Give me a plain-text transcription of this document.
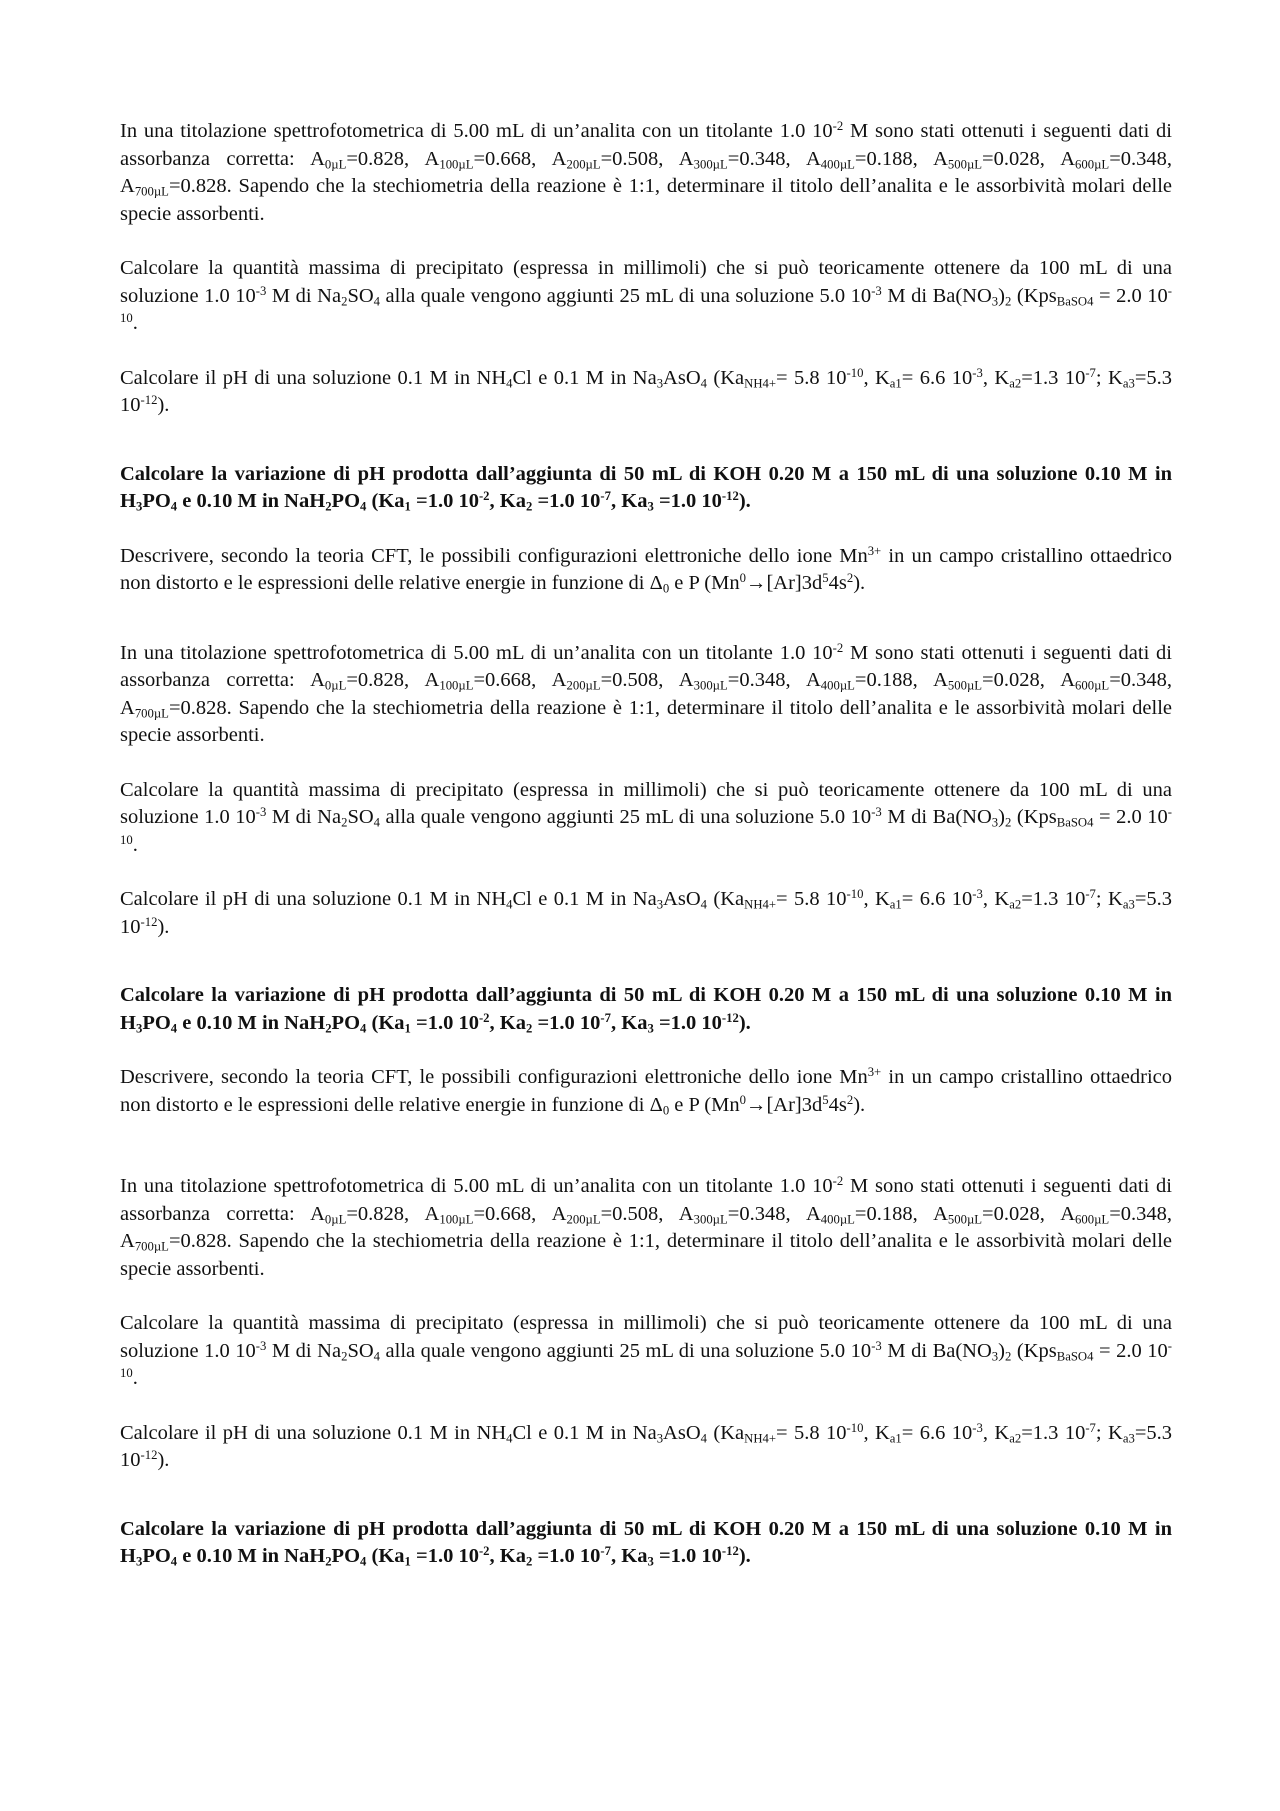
In una titolazione spettrofotometrica di 5.00 mL di un’analita con un titolante 1.0 $10^{-2}$ M sono stati ottenuti i seguenti dati di assorbanza corretta: $A_{0\mu L}=0.828$, $A_{100\mu L}=0.668$, $A_{200\mu L}=0.508$, $A_{300\mu L}=0.348$, $A_{400\mu L}=0.188$, $A_{500\mu L}=0.028$, $A_{600\mu L}=0.348$, $A_{700\mu L}=0.828$. Sapendo che la stechiometria della reazione è 1:1, determinare il titolo dell’analita e le assorbività molari delle specie assorbenti.

Calcolare la quantità massima di precipitato (espressa in millimoli) che si può teoricamente ottenere da 100 mL di una soluzione 1.0 $10^{-3}$ M di $Na_2SO_4$ alla quale vengono aggiunti 25 mL di una soluzione 5.0 $10^{-3}$ M di $Ba(NO_3)_2$ (Kps$_{BaSO4}$ = 2.0 $10^{-10}$.

Calcolare il pH di una soluzione 0.1 M in $NH_4Cl$ e 0.1 M in $Na_3AsO_4$ ($Ka_{NH4+}= 5.8$ $10^{-10}$, $K_{a1}= 6.6$ $10^{-3}$, $K_{a2}=1.3$ $10^{-7}$; $K_{a3}=5.3$ $10^{-12}$).

Calcolare la variazione di pH prodotta dall’aggiunta di 50 mL di KOH 0.20 M a 150 mL di una soluzione 0.10 M in $H_3PO_4$ e 0.10 M in $NaH_2PO_4$ ($Ka_1 =1.0$ $10^{-2}$, $Ka_2 =1.0$ $10^{-7}$, $Ka_3 =1.0$ $10^{-12}$).

Descrivere, secondo la teoria CFT, le possibili configurazioni elettroniche dello ione $Mn^{3+}$ in un campo cristallino ottaedrico non distorto e le espressioni delle relative energie in funzione di $\Delta_0$ e P $(Mn^0\to[Ar]3d^54s^2)$.

In una titolazione spettrofotometrica di 5.00 mL di un’analita con un titolante 1.0 $10^{-2}$ M sono stati ottenuti i seguenti dati di assorbanza corretta: $A_{0\mu L}=0.828$, $A_{100\mu L}=0.668$, $A_{200\mu L}=0.508$, $A_{300\mu L}=0.348$, $A_{400\mu L}=0.188$, $A_{500\mu L}=0.028$, $A_{600\mu L}=0.348$, $A_{700\mu L}=0.828$. Sapendo che la stechiometria della reazione è 1:1, determinare il titolo dell’analita e le assorbività molari delle specie assorbenti.

Calcolare la quantità massima di precipitato (espressa in millimoli) che si può teoricamente ottenere da 100 mL di una soluzione 1.0 $10^{-3}$ M di $Na_2SO_4$ alla quale vengono aggiunti 25 mL di una soluzione 5.0 $10^{-3}$ M di $Ba(NO_3)_2$ (Kps$_{BaSO4}$ = 2.0 $10^{-10}$.

Calcolare il pH di una soluzione 0.1 M in $NH_4Cl$ e 0.1 M in $Na_3AsO_4$ ($Ka_{NH4+}= 5.8$ $10^{-10}$, $K_{a1}= 6.6$ $10^{-3}$, $K_{a2}=1.3$ $10^{-7}$; $K_{a3}=5.3$ $10^{-12}$).

Calcolare la variazione di pH prodotta dall’aggiunta di 50 mL di KOH 0.20 M a 150 mL di una soluzione 0.10 M in $H_3PO_4$ e 0.10 M in $NaH_2PO_4$ ($Ka_1 =1.0$ $10^{-2}$, $Ka_2 =1.0$ $10^{-7}$, $Ka_3 =1.0$ $10^{-12}$).

Descrivere, secondo la teoria CFT, le possibili configurazioni elettroniche dello ione $Mn^{3+}$ in un campo cristallino ottaedrico non distorto e le espressioni delle relative energie in funzione di $\Delta_0$ e P $(Mn^0\to[Ar]3d^54s^2)$.

In una titolazione spettrofotometrica di 5.00 mL di un’analita con un titolante 1.0 $10^{-2}$ M sono stati ottenuti i seguenti dati di assorbanza corretta: $A_{0\mu L}=0.828$, $A_{100\mu L}=0.668$, $A_{200\mu L}=0.508$, $A_{300\mu L}=0.348$, $A_{400\mu L}=0.188$, $A_{500\mu L}=0.028$, $A_{600\mu L}=0.348$, $A_{700\mu L}=0.828$. Sapendo che la stechiometria della reazione è 1:1, determinare il titolo dell’analita e le assorbività molari delle specie assorbenti.

Calcolare la quantità massima di precipitato (espressa in millimoli) che si può teoricamente ottenere da 100 mL di una soluzione 1.0 $10^{-3}$ M di $Na_2SO_4$ alla quale vengono aggiunti 25 mL di una soluzione 5.0 $10^{-3}$ M di $Ba(NO_3)_2$ (Kps$_{BaSO4}$ = 2.0 $10^{-10}$.

Calcolare il pH di una soluzione 0.1 M in $NH_4Cl$ e 0.1 M in $Na_3AsO_4$ ($Ka_{NH4+}= 5.8$ $10^{-10}$, $K_{a1}= 6.6$ $10^{-3}$, $K_{a2}=1.3$ $10^{-7}$; $K_{a3}=5.3$ $10^{-12}$).

Calcolare la variazione di pH prodotta dall’aggiunta di 50 mL di KOH 0.20 M a 150 mL di una soluzione 0.10 M in $H_3PO_4$ e 0.10 M in $NaH_2PO_4$ ($Ka_1 =1.0$ $10^{-2}$, $Ka_2 =1.0$ $10^{-7}$, $Ka_3 =1.0$ $10^{-12}$).
